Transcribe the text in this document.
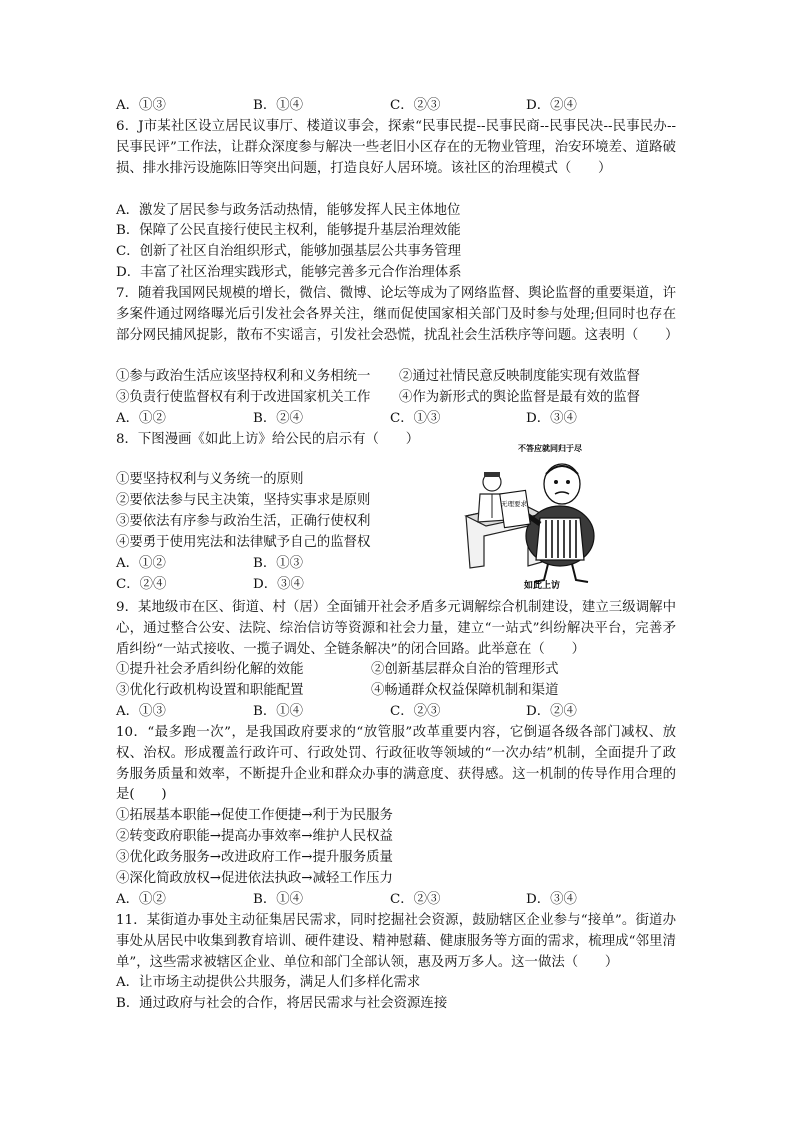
A．①③	B．①④	C．②③	D．②④

6．J市某社区设立居民议事厅、楼道议事会，探索“民事民提--民事民商--民事民决--民事民办--民事民评”工作法，让群众深度参与解决一些老旧小区存在的无物业管理，治安环境差、道路破损、排水排污设施陈旧等突出问题，打造良好人居环境。该社区的治理模式（　　）

A．激发了居民参与政务活动热情，能够发挥人民主体地位
B．保障了公民直接行使民主权利，能够提升基层治理效能
C．创新了社区自治组织形式，能够加强基层公共事务管理
D．丰富了社区治理实践形式，能够完善多元合作治理体系

7．随着我国网民规模的增长，微信、微博、论坛等成为了网络监督、舆论监督的重要渠道，许多案件通过网络曝光后引发社会各界关注，继而促使国家相关部门及时参与处理;但同时也存在部分网民捕风捉影，散布不实谣言，引发社会恐慌，扰乱社会生活秩序等问题。这表明（　　）

①参与政治生活应该坚持权利和义务相统一 ②通过社情民意反映制度能实现有效监督
③负责行使监督权有利于改进国家机关工作 ④作为新形式的舆论监督是最有效的监督
A．①②	B．②④	C．①③	D．③④
8．下图漫画《如此上访》给公民的启示有（　　）
①要坚持权利与义务统一的原则
②要依法参与民主决策，坚持实事求是原则
③要依法有序参与政治生活，正确行使权利
④要勇于使用宪法和法律赋予自己的监督权
A．①②	B．①③
C．②④	D．③④
不答应就同归于尽
无理要求
如此上访

9．某地级市在区、街道、村（居）全面铺开社会矛盾多元调解综合机制建设，建立三级调解中心，通过整合公安、法院、综治信访等资源和社会力量，建立“一站式”纠纷解决平台，完善矛盾纠纷“一站式接收、一揽子调处、全链条解决”的闭合回路。此举意在（　　）

①提升社会矛盾纠纷化解的效能	②创新基层群众自治的管理形式
③优化行政机构设置和职能配置	④畅通群众权益保障机制和渠道
A．①③	B．①④	C．②③	D．②④

10．“最多跑一次”，是我国政府要求的“放管服”改革重要内容，它倒逼各级各部门减权、放权、治权。形成覆盖行政许可、行政处罚、行政征收等领域的“一次办结”机制，全面提升了政务服务质量和效率，不断提升企业和群众办事的满意度、获得感。这一机制的传导作用合理的是(　　)

①拓展基本职能→促使工作便捷→利于为民服务
②转变政府职能→提高办事效率→维护人民权益
③优化政务服务→改进政府工作→提升服务质量
④深化简政放权→促进依法执政→减轻工作压力
A．①②	B．①④	C．②③	D．③④

11．某街道办事处主动征集居民需求，同时挖掘社会资源，鼓励辖区企业参与“接单”。街道办事处从居民中收集到教育培训、硬件建设、精神慰藉、健康服务等方面的需求，梳理成“邻里清单”，这些需求被辖区企业、单位和部门全部认领，惠及两万多人。这一做法（　　）

A．让市场主动提供公共服务，满足人们多样化需求
B．通过政府与社会的合作，将居民需求与社会资源连接
